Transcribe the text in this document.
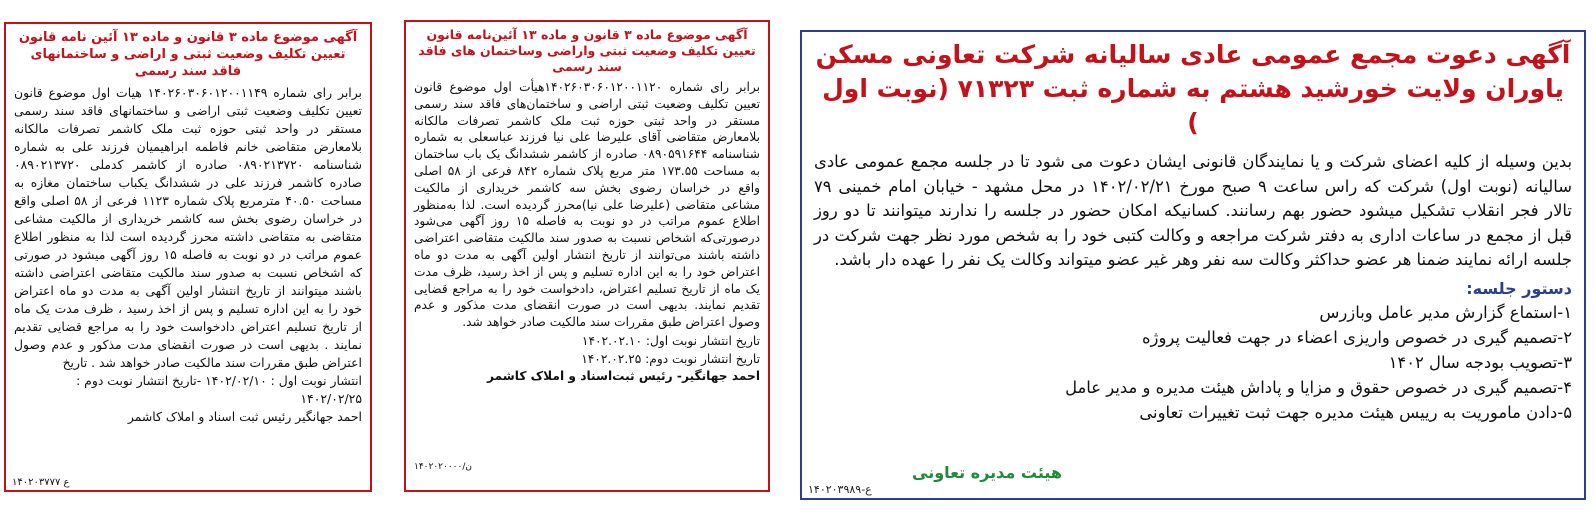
آگهی دعوت مجمع عمومی عادی سالیانه شرکت تعاونی مسکن

یاوران ولایت خورشید هشتم به شماره ثبت ۷۱۳۲۳ (نوبت اول )

بدین وسیله از کلیه اعضای شرکت و یا نمایندگان قانونی ایشان دعوت می شود تا در جلسه مجمع عمومی عادی سالیانه (نوبت اول) شرکت که راس ساعت ۹ صبح مورخ ۱۴۰۲/۰۲/۲۱ در محل مشهد - خیابان امام خمینی ۷۹ تالار فجر انقلاب تشکیل میشود حضور بهم رسانند. کسانیکه امکان حضور در جلسه را ندارند میتوانند تا دو روز قبل از مجمع در ساعات اداری به دفتر شرکت مراجعه و وکالت کتبی خود را به شخص مورد نظر جهت شرکت در جلسه ارائه نمایند ضمنا هر عضو حداکثر وکالت سه نفر وهر غیر عضو میتواند وکالت یک نفر را عهده دار باشد.

دستور جلسه:

۱-استماع گزارش مدیر عامل وبازرس

۲-تصمیم گیری در خصوص واریزی اعضاء در جهت فعالیت پروژه

۳-تصویب بودجه سال ۱۴۰۲

۴-تصمیم گیری در خصوص حقوق و مزایا و پاداش هیئت مدیره و مدیر عامل

۵-دادن ماموریت به رییس هیئت مدیره جهت ثبت تغییرات تعاونی

هیئت مدیره تعاونی
ع-۱۴۰۲۰۳۹۸۹

آگهی موضوع ماده ۳ قانون و ماده ۱۳ آئین‌نامه قانون تعیین تکلیف وضعیت ثبتی واراضی وساختمان های فاقد سند رسمی

برابر رای شماره ۱۴۰۲۶۰۳۰۶۰۱۲۰۰۱۱۲۰هیأت اول موضوع قانون تعیین تکلیف وضعیت ثبتی اراضی و ساختمان‌های فاقد سند رسمی مستقر در واحد ثبتی حوزه ثبت ملک کاشمر تصرفات مالکانه بلامعارض متقاضی آقای علیرضا علی نیا فرزند عباسعلی به شماره شناسنامه ۰۸۹۰۵۹۱۶۴۴ صادره از کاشمر ششدانگ یک باب ساختمان به مساحت ۱۷۳.۵۵ متر مربع پلاک شماره ۸۴۲ فرعی از ۵۸ اصلی واقع در خراسان رضوی بخش سه کاشمر خریداری از مالکیت مشاعی متقاضی (علیرضا علی نیا)محرز گردیده است. لذا به‌منظور اطلاع عموم مراتب در دو نوبت به فاصله ۱۵ روز آگهی می‌شود درصورتی‌که اشخاص نسبت به صدور سند مالکیت متقاضی اعتراضی داشته باشند می‌توانند از تاریخ انتشار اولین آگهی به مدت دو ماه اعتراض خود را به این اداره تسلیم و پس از اخذ رسید، ظرف مدت یک ماه از تاریخ تسلیم اعتراض، دادخواست خود را به مراجع قضایی تقدیم نمایند. بدیهی است در صورت انقضای مدت مذکور و عدم وصول اعتراض طبق مقررات سند مالکیت صادر خواهد شد.

تاریخ انتشار نوبت اول: ۱۴۰۲.۰۲.۱۰

تاریخ انتشار نوبت دوم: ۱۴۰۲.۰۲.۲۵

احمد جهانگیر- رئیس ثبت‌اسناد و املاک کاشمر

۱۴۰۲۰۲۰۰۰۰/ن

آگهی موضوع ماده ۳ قانون و ماده ۱۳ آئین نامه قانون تعیین تکلیف وضعیت ثبتی و اراضی و ساختمانهای فاقد سند رسمی

برابر رای شماره ۱۴۰۲۶۰۳۰۶۰۱۲۰۰۱۱۴۹ هیات اول موضوع قانون تعیین تکلیف وضعیت ثبتی اراضی و ساختمانهای فاقد سند رسمی مستقر در واحد ثبتی حوزه ثبت ملک کاشمر تصرفات مالکانه بلامعارض متقاضی خانم فاطمه ابراهیمیان فرزند علی به شماره شناسنامه ۰۸۹۰۲۱۳۷۲۰ صادره از کاشمر کدملی ۰۸۹۰۲۱۳۷۲۰ صادره کاشمر فرزند علی در ششدانگ یکباب ساختمان مغازه به مساحت ۴۰.۵۰ مترمربع پلاک شماره ۱۱۲۳ فرعی از ۵۸ اصلی واقع در خراسان رضوی بخش سه کاشمر خریداری از مالکیت مشاعی متقاضی به متقاضی داشته محرز گردیده است لذا به منظور اطلاع عموم مراتب در دو نوبت به فاصله ۱۵ روز آگهی میشود در صورتی که اشخاص نسبت به صدور سند مالکیت متقاضی اعتراضی داشته باشند میتوانند از تاریخ انتشار اولین آگهی به مدت دو ماه اعتراض خود را به این اداره تسلیم و پس از اخذ رسید ، ظرف مدت یک ماه از تاریخ تسلیم اعتراض دادخواست خود را به مراجع قضایی تقدیم نمایند . بدیهی است در صورت انقضای مدت مذکور و عدم وصول اعتراض طبق مقررات سند مالکیت صادر خواهد شد . تاریخ

انتشار نوبت اول : ۱۴۰۲/۰۲/۱۰ -تاریخ انتشار نوبت دوم : ۱۴۰۲/۰۲/۲۵

احمد جهانگیر رئیس ثبت اسناد و املاک کاشمر

ع ۱۴۰۲۰۳۷۷۷
